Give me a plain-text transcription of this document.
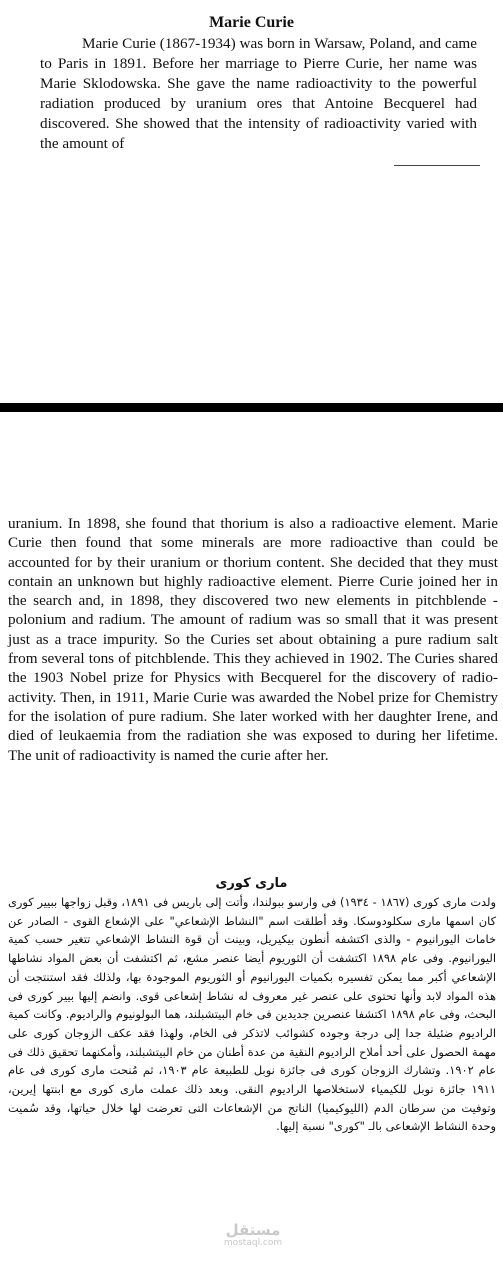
Marie Curie
Marie Curie (1867-1934) was born in Warsaw, Poland, and came to Paris in 1891. Before her marriage to Pierre Curie, her name was Marie Sklodowska. She gave the name radioactivity to the powerful radiation produced by uranium ores that Antoine Becquerel had discovered. She showed that the intensity of radioactivity varied with the amount of
uranium. In 1898, she found that thorium is also a radioactive element. Marie Curie then found that some minerals are more radioactive than could be accounted for by their uranium or thorium content. She decided that they must contain an unknown but highly radioactive element. Pierre Curie joined her in the search and, in 1898, they discovered two new elements in pitchblende - polonium and radium. The amount of radium was so small that it was present just as a trace impurity. So the Curies set about obtaining a pure radium salt from several tons of pitchblende. This they achieved in 1902. The Curies shared the 1903 Nobel prize for Physics with Becquerel for the discovery of radio-activity. Then, in 1911, Marie Curie was awarded the Nobel prize for Chemistry for the isolation of pure radium. She later worked with her daughter Irene, and died of leukaemia from the radiation she was exposed to during her lifetime. The unit of radioactivity is named the curie after her.
مارى كورى
ولدت مارى كورى (١٨٦٧ - ١٩٣٤) فى وارسو ببولندا، وأتت إلى باريس فى ١٨٩١، وقبل زواجها ببيير كورى كان اسمها مارى سكلودوسكا. وقد أطلقت اسم "النشاط الإشعاعي" على الإشعاع القوى - الصادر عن خامات اليورانيوم - والذى اكتشفه أنطون بيكيريل، وبينت أن قوة النشاط الإشعاعي تتغير حسب كمية اليورانيوم. وفى عام ١٨٩٨ اكتشفت أن الثوريوم أيضا عنصر مشع، ثم اكتشفت أن بعض المواد نشاطها الإشعاعي أكبر مما يمكن تفسيره بكميات اليورانيوم أو الثوريوم الموجودة بها، ولذلك فقد استنتجت أن هذه المواد لابد وأنها تحتوى على عنصر غير معروف له نشاط إشعاعى قوى. وانضم إليها بيير كورى فى البحث، وفى عام ١٨٩٨ اكتشفا عنصرين جديدين فى خام البيتشبلند، هما البولونيوم والراديوم. وكانت كمية الراديوم ضئيلة جدا إلى درجة وجوده كشوائب لاتذكر فى الخام، ولهذا فقد عكف الزوجان كورى على مهمة الحصول على أحد أملاح الراديوم النقية من عدة أطنان من خام البيتشبلند، وأمكنهما تحقيق ذلك فى عام ١٩٠٢. وتشارك الزوجان كورى فى جائزة نوبل للطبيعة عام ١٩٠٣، ثم مُنحت مارى كورى فى عام ١٩١١ جائزة نوبل للكيمياء لاستخلاصها الراديوم النقى. وبعد ذلك عملت مارى كورى مع ابنتها إيرين، وتوفيت من سرطان الدم (الليوكيميا) الناتج من الإشعاعات التى تعرضت لها خلال حياتها، وقد سُميت وحدة النشاط الإشعاعى بالـ "كورى" نسبة إليها.
مستقل
mostaql.com
